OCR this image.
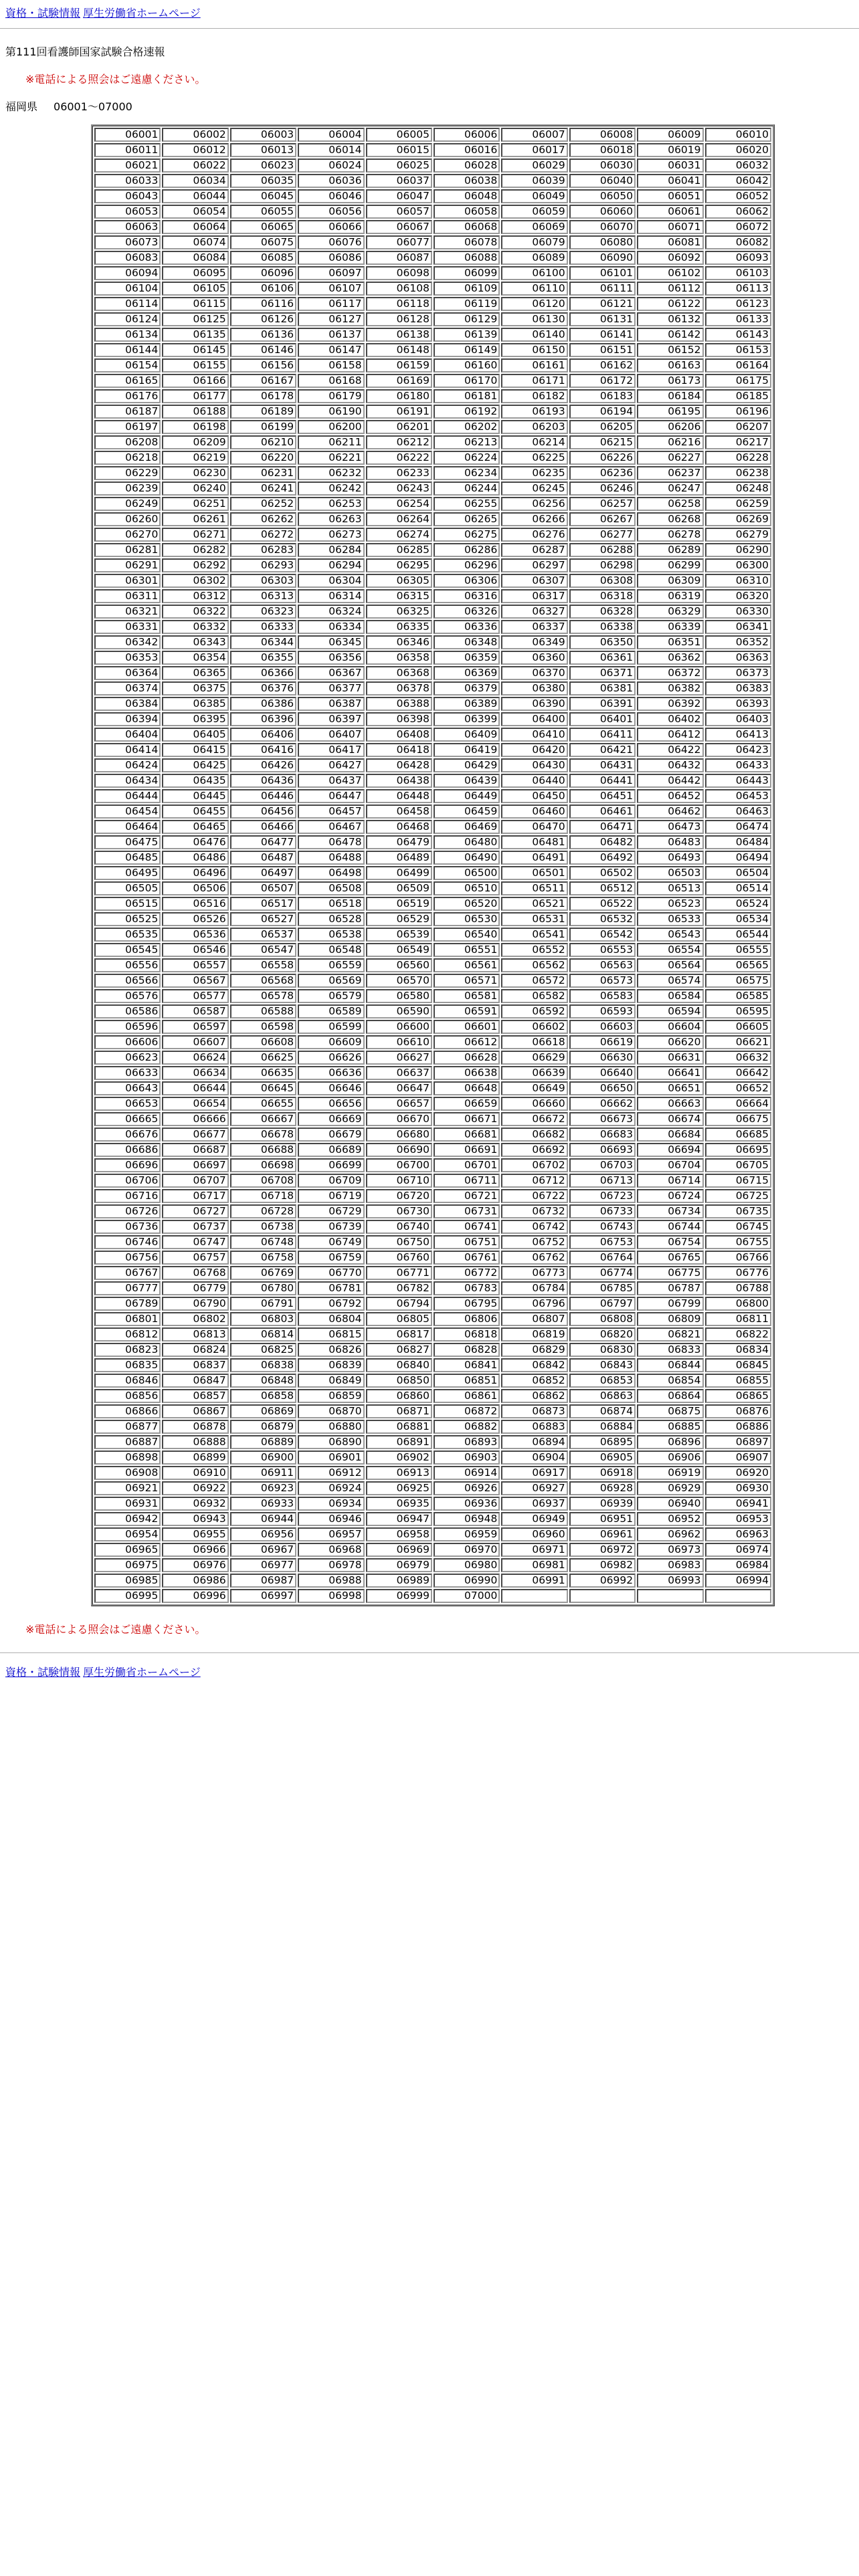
資格・試験情報 厚生労働省ホームページ
第111回看護師国家試験合格速報
※電話による照会はご遠慮ください。
福岡県 06001〜07000
06001	06002	06003	06004	06005	06006	06007	06008	06009	06010
06011	06012	06013	06014	06015	06016	06017	06018	06019	06020
06021	06022	06023	06024	06025	06028	06029	06030	06031	06032
06033	06034	06035	06036	06037	06038	06039	06040	06041	06042
06043	06044	06045	06046	06047	06048	06049	06050	06051	06052
06053	06054	06055	06056	06057	06058	06059	06060	06061	06062
06063	06064	06065	06066	06067	06068	06069	06070	06071	06072
06073	06074	06075	06076	06077	06078	06079	06080	06081	06082
06083	06084	06085	06086	06087	06088	06089	06090	06092	06093
06094	06095	06096	06097	06098	06099	06100	06101	06102	06103
06104	06105	06106	06107	06108	06109	06110	06111	06112	06113
06114	06115	06116	06117	06118	06119	06120	06121	06122	06123
06124	06125	06126	06127	06128	06129	06130	06131	06132	06133
06134	06135	06136	06137	06138	06139	06140	06141	06142	06143
06144	06145	06146	06147	06148	06149	06150	06151	06152	06153
06154	06155	06156	06158	06159	06160	06161	06162	06163	06164
06165	06166	06167	06168	06169	06170	06171	06172	06173	06175
06176	06177	06178	06179	06180	06181	06182	06183	06184	06185
06187	06188	06189	06190	06191	06192	06193	06194	06195	06196
06197	06198	06199	06200	06201	06202	06203	06205	06206	06207
06208	06209	06210	06211	06212	06213	06214	06215	06216	06217
06218	06219	06220	06221	06222	06224	06225	06226	06227	06228
06229	06230	06231	06232	06233	06234	06235	06236	06237	06238
06239	06240	06241	06242	06243	06244	06245	06246	06247	06248
06249	06251	06252	06253	06254	06255	06256	06257	06258	06259
06260	06261	06262	06263	06264	06265	06266	06267	06268	06269
06270	06271	06272	06273	06274	06275	06276	06277	06278	06279
06281	06282	06283	06284	06285	06286	06287	06288	06289	06290
06291	06292	06293	06294	06295	06296	06297	06298	06299	06300
06301	06302	06303	06304	06305	06306	06307	06308	06309	06310
06311	06312	06313	06314	06315	06316	06317	06318	06319	06320
06321	06322	06323	06324	06325	06326	06327	06328	06329	06330
06331	06332	06333	06334	06335	06336	06337	06338	06339	06341
06342	06343	06344	06345	06346	06348	06349	06350	06351	06352
06353	06354	06355	06356	06358	06359	06360	06361	06362	06363
06364	06365	06366	06367	06368	06369	06370	06371	06372	06373
06374	06375	06376	06377	06378	06379	06380	06381	06382	06383
06384	06385	06386	06387	06388	06389	06390	06391	06392	06393
06394	06395	06396	06397	06398	06399	06400	06401	06402	06403
06404	06405	06406	06407	06408	06409	06410	06411	06412	06413
06414	06415	06416	06417	06418	06419	06420	06421	06422	06423
06424	06425	06426	06427	06428	06429	06430	06431	06432	06433
06434	06435	06436	06437	06438	06439	06440	06441	06442	06443
06444	06445	06446	06447	06448	06449	06450	06451	06452	06453
06454	06455	06456	06457	06458	06459	06460	06461	06462	06463
06464	06465	06466	06467	06468	06469	06470	06471	06473	06474
06475	06476	06477	06478	06479	06480	06481	06482	06483	06484
06485	06486	06487	06488	06489	06490	06491	06492	06493	06494
06495	06496	06497	06498	06499	06500	06501	06502	06503	06504
06505	06506	06507	06508	06509	06510	06511	06512	06513	06514
06515	06516	06517	06518	06519	06520	06521	06522	06523	06524
06525	06526	06527	06528	06529	06530	06531	06532	06533	06534
06535	06536	06537	06538	06539	06540	06541	06542	06543	06544
06545	06546	06547	06548	06549	06551	06552	06553	06554	06555
06556	06557	06558	06559	06560	06561	06562	06563	06564	06565
06566	06567	06568	06569	06570	06571	06572	06573	06574	06575
06576	06577	06578	06579	06580	06581	06582	06583	06584	06585
06586	06587	06588	06589	06590	06591	06592	06593	06594	06595
06596	06597	06598	06599	06600	06601	06602	06603	06604	06605
06606	06607	06608	06609	06610	06612	06618	06619	06620	06621
06623	06624	06625	06626	06627	06628	06629	06630	06631	06632
06633	06634	06635	06636	06637	06638	06639	06640	06641	06642
06643	06644	06645	06646	06647	06648	06649	06650	06651	06652
06653	06654	06655	06656	06657	06659	06660	06662	06663	06664
06665	06666	06667	06669	06670	06671	06672	06673	06674	06675
06676	06677	06678	06679	06680	06681	06682	06683	06684	06685
06686	06687	06688	06689	06690	06691	06692	06693	06694	06695
06696	06697	06698	06699	06700	06701	06702	06703	06704	06705
06706	06707	06708	06709	06710	06711	06712	06713	06714	06715
06716	06717	06718	06719	06720	06721	06722	06723	06724	06725
06726	06727	06728	06729	06730	06731	06732	06733	06734	06735
06736	06737	06738	06739	06740	06741	06742	06743	06744	06745
06746	06747	06748	06749	06750	06751	06752	06753	06754	06755
06756	06757	06758	06759	06760	06761	06762	06764	06765	06766
06767	06768	06769	06770	06771	06772	06773	06774	06775	06776
06777	06779	06780	06781	06782	06783	06784	06785	06787	06788
06789	06790	06791	06792	06794	06795	06796	06797	06799	06800
06801	06802	06803	06804	06805	06806	06807	06808	06809	06811
06812	06813	06814	06815	06817	06818	06819	06820	06821	06822
06823	06824	06825	06826	06827	06828	06829	06830	06833	06834
06835	06837	06838	06839	06840	06841	06842	06843	06844	06845
06846	06847	06848	06849	06850	06851	06852	06853	06854	06855
06856	06857	06858	06859	06860	06861	06862	06863	06864	06865
06866	06867	06869	06870	06871	06872	06873	06874	06875	06876
06877	06878	06879	06880	06881	06882	06883	06884	06885	06886
06887	06888	06889	06890	06891	06893	06894	06895	06896	06897
06898	06899	06900	06901	06902	06903	06904	06905	06906	06907
06908	06910	06911	06912	06913	06914	06917	06918	06919	06920
06921	06922	06923	06924	06925	06926	06927	06928	06929	06930
06931	06932	06933	06934	06935	06936	06937	06939	06940	06941
06942	06943	06944	06946	06947	06948	06949	06951	06952	06953
06954	06955	06956	06957	06958	06959	06960	06961	06962	06963
06965	06966	06967	06968	06969	06970	06971	06972	06973	06974
06975	06976	06977	06978	06979	06980	06981	06982	06983	06984
06985	06986	06987	06988	06989	06990	06991	06992	06993	06994
06995	06996	06997	06998	06999	07000				
※電話による照会はご遠慮ください。
資格・試験情報 厚生労働省ホームページ
